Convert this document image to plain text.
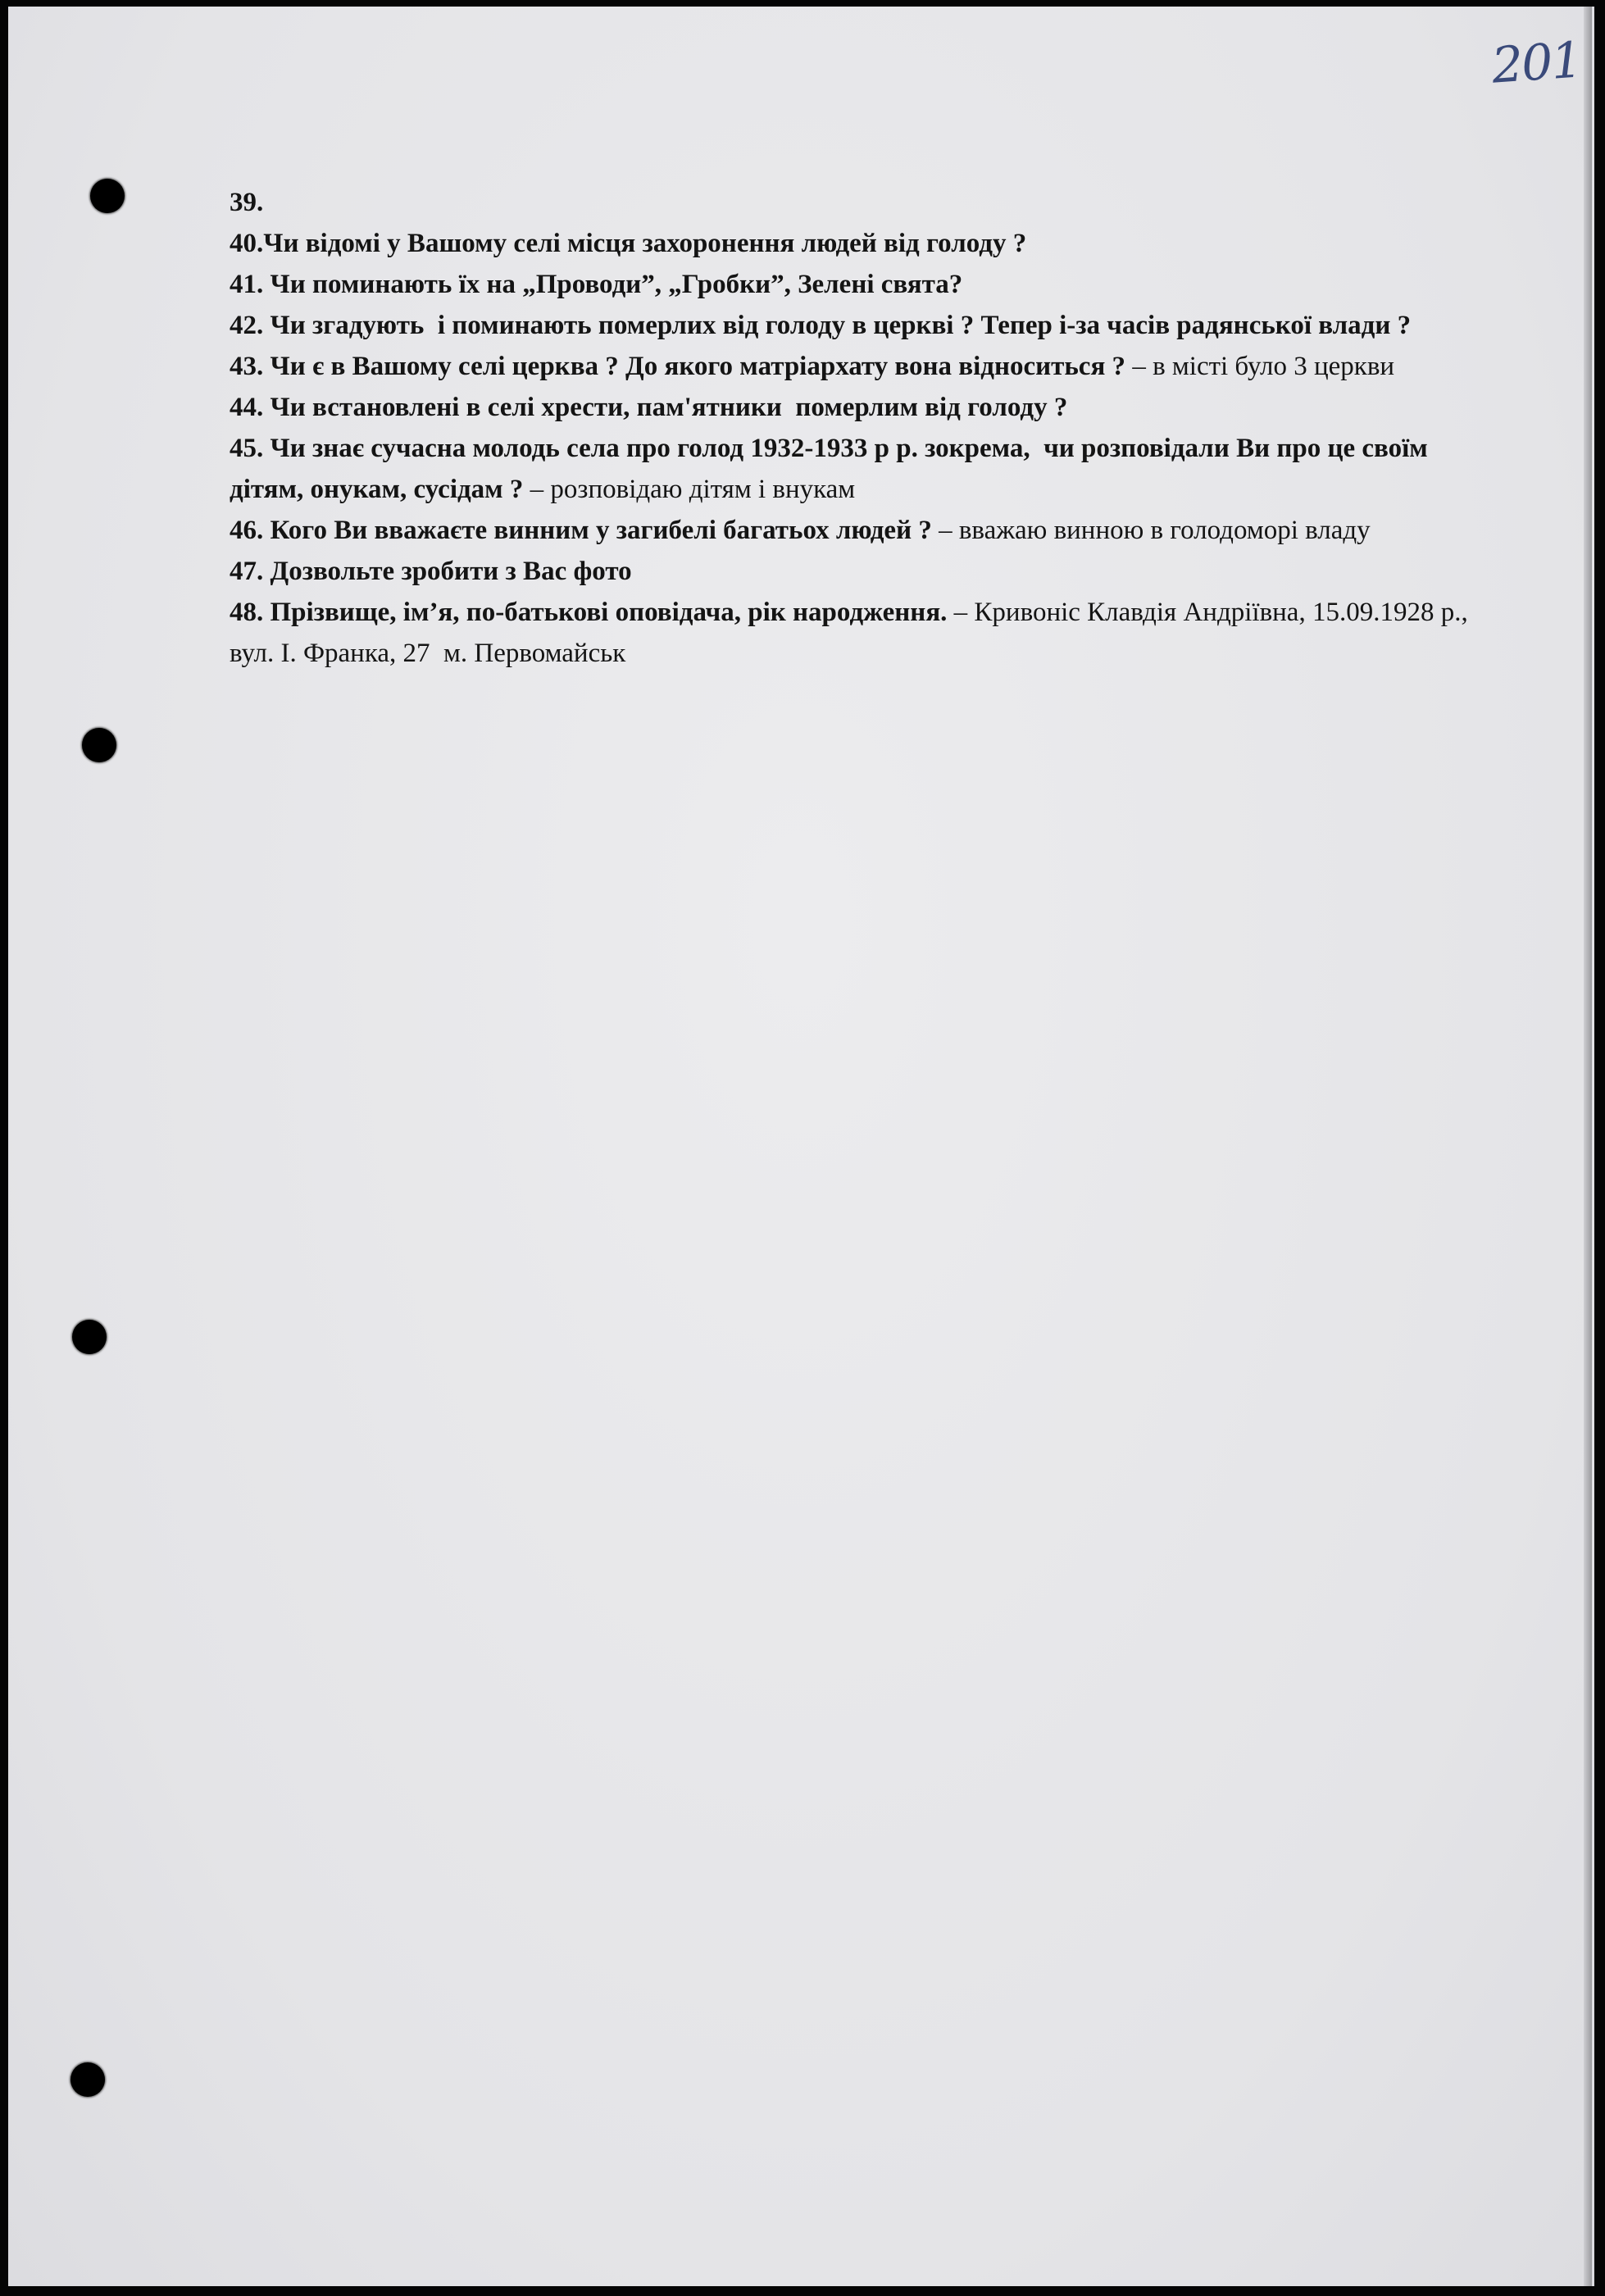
201

39.

40.Чи відомі у Вашому селі місця захоронення людей від голоду ?

41. Чи поминають їх на „Проводи”, „Гробки”, Зелені свята?

42. Чи згадують  і поминають померлих від голоду в церкві ? Тепер і-за часів радянської влади ?

43. Чи є в Вашому селі церква ? До якого матріархату вона відноситься ? – в місті було 3 церкви

44. Чи встановлені в селі хрести, пам'ятники  померлим від голоду ?

45. Чи знає сучасна молодь села про голод 1932-1933 р р. зокрема,  чи розповідали Ви про це своїм дітям, онукам, сусідам ? – розповідаю дітям і внукам

46. Кого Ви вважаєте винним у загибелі багатьох людей ? – вважаю винною в голодоморі владу

47. Дозвольте зробити з Вас фото

48. Прізвище, ім’я, по-батькові оповідача, рік народження. – Кривоніс Клавдія Андріївна, 15.09.1928 р., вул. І. Франка, 27  м. Первомайськ
